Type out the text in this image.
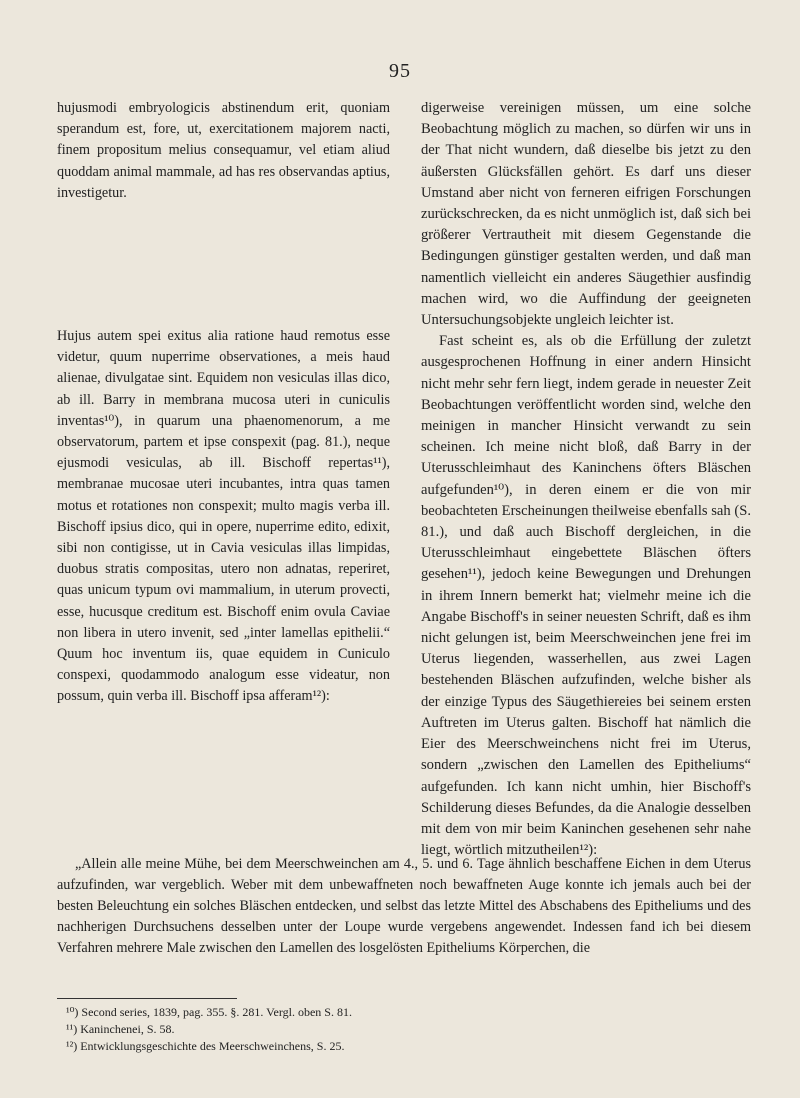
95

hujusmodi embryologicis abstinendum erit, quoniam sperandum est, fore, ut, exercitationem majorem nacti, finem propositum melius consequamur, vel etiam aliud quoddam animal mammale, ad has res observandas aptius, investigetur.

Hujus autem spei exitus alia ratione haud remotus esse videtur, quum nuperrime observationes, a meis haud alienae, divulgatae sint. Equidem non vesiculas illas dico, ab ill. Barry in membrana mucosa uteri in cuniculis inventas¹⁰), in quarum una phaenomenorum, a me observatorum, partem et ipse conspexit (pag. 81.), neque ejusmodi vesiculas, ab ill. Bischoff repertas¹¹), membranae mucosae uteri incubantes, intra quas tamen motus et rotationes non conspexit; multo magis verba ill. Bischoff ipsius dico, qui in opere, nuperrime edito, edixit, sibi non contigisse, ut in Cavia vesiculas illas limpidas, duobus stratis compositas, utero non adnatas, reperiret, quas unicum typum ovi mammalium, in uterum provecti, esse, hucusque creditum est. Bischoff enim ovula Caviae non libera in utero invenit, sed „inter lamellas epithelii.“ Quum hoc inventum iis, quae equidem in Cuniculo conspexi, quodammodo analogum esse videatur, non possum, quin verba ill. Bischoff ipsa afferam¹²):

digerweise vereinigen müssen, um eine solche Beobachtung möglich zu machen, so dürfen wir uns in der That nicht wundern, daß dieselbe bis jetzt zu den äußersten Glücksfällen gehört. Es darf uns dieser Umstand aber nicht von ferneren eifrigen Forschungen zurückschrecken, da es nicht unmöglich ist, daß sich bei größerer Vertrautheit mit diesem Gegenstande die Bedingungen günstiger gestalten werden, und daß man namentlich vielleicht ein anderes Säugethier ausfindig machen wird, wo die Auffindung der geeigneten Untersuchungsobjekte ungleich leichter ist.

Fast scheint es, als ob die Erfüllung der zuletzt ausgesprochenen Hoffnung in einer andern Hinsicht nicht mehr sehr fern liegt, indem gerade in neuester Zeit Beobachtungen veröffentlicht worden sind, welche den meinigen in mancher Hinsicht verwandt zu sein scheinen. Ich meine nicht bloß, daß Barry in der Uterusschleimhaut des Kaninchens öfters Bläschen aufgefunden¹⁰), in deren einem er die von mir beobachteten Erscheinungen theilweise ebenfalls sah (S. 81.), und daß auch Bischoff dergleichen, in die Uterusschleimhaut eingebettete Bläschen öfters gesehen¹¹), jedoch keine Bewegungen und Drehungen in ihrem Innern bemerkt hat; vielmehr meine ich die Angabe Bischoff's in seiner neuesten Schrift, daß es ihm nicht gelungen ist, beim Meerschweinchen jene frei im Uterus liegenden, wasserhellen, aus zwei Lagen bestehenden Bläschen aufzufinden, welche bisher als der einzige Typus des Säugethiereies bei seinem ersten Auftreten im Uterus galten. Bischoff hat nämlich die Eier des Meerschweinchens nicht frei im Uterus, sondern „zwischen den Lamellen des Epitheliums“ aufgefunden. Ich kann nicht umhin, hier Bischoff's Schilderung dieses Befundes, da die Analogie desselben mit dem von mir beim Kaninchen gesehenen sehr nahe liegt, wörtlich mitzutheilen¹²):

„Allein alle meine Mühe, bei dem Meerschweinchen am 4., 5. und 6. Tage ähnlich beschaffene Eichen in dem Uterus aufzufinden, war vergeblich. Weber mit dem unbewaffneten noch bewaffneten Auge konnte ich jemals auch bei der besten Beleuchtung ein solches Bläschen entdecken, und selbst das letzte Mittel des Abschabens des Epitheliums und des nachherigen Durchsuchens desselben unter der Loupe wurde vergebens angewendet. Indessen fand ich bei diesem Verfahren mehrere Male zwischen den Lamellen des losgelösten Epitheliums Körperchen, die
¹⁰) Second series, 1839, pag. 355. §. 281. Vergl. oben S. 81.
¹¹) Kaninchenei, S. 58.
¹²) Entwicklungsgeschichte des Meerschweinchens, S. 25.
